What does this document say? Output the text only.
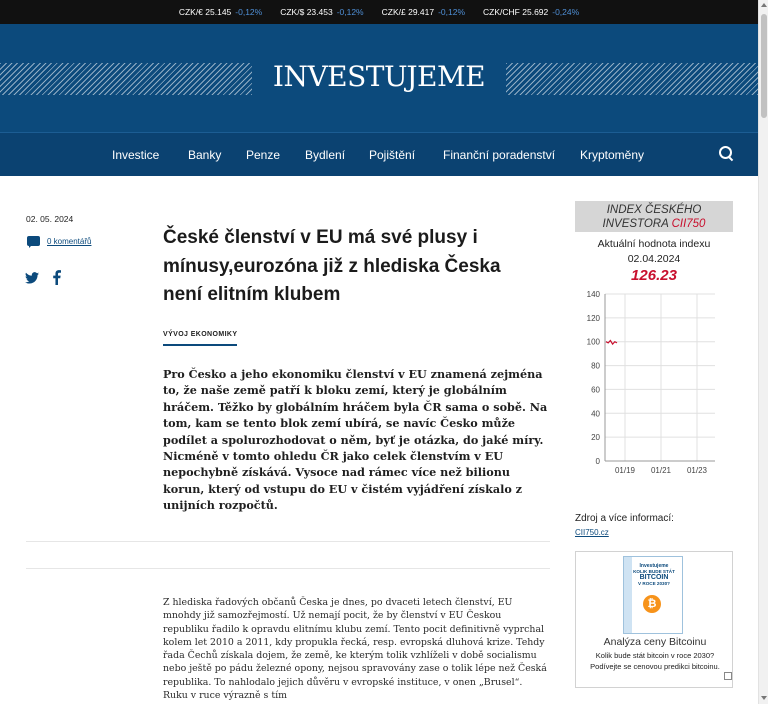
CZK/€ 25.145 -0,12% CZK/$ 23.453 -0,12% CZK/£ 29.417 -0,12% CZK/CHF 25.692 -0,24%
INVESTUJEME
Investice Banky Penze Bydlení Pojištění Finanční poradenství Kryptoměny
02. 05. 2024
0 komentářů	České členství v EU má své plusy i mínusy,eurozóna již z hlediska Česka není elitním klubem
VÝVOJ EKONOMIKY

Pro Česko a jeho ekonomiku členství v EU znamená zejména to, že naše země patří k bloku zemí, který je globálním hráčem. Těžko by globálním hráčem byla ČR sama o sobě. Na tom, kam se tento blok zemí ubírá, se navíc Česko může podílet a spolurozhodovat o něm, byť je otázka, do jaké míry. Nicméně v tomto ohledu ČR jako celek členstvím v EU nepochybně získává. Vysoce nad rámec více než bilionu korun, který od vstupu do EU v čistém vyjádření získalo z unijních rozpočtů.

Z hlediska řadových občanů Česka je dnes, po dvaceti letech členství, EU mnohdy již samozřejmostí. Už nemají pocit, že by členství v EU Českou republiku řadilo k opravdu elitnímu klubu zemí. Tento pocit definitivně vyprchal kolem let 2010 a 2011, kdy propukla řecká, resp. evropská dluhová krize. Tehdy řada Čechů získala dojem, že země, ke kterým tolik vzhlíželi v době socialismu nebo ještě po pádu železné opony, nejsou spravovány zase o tolik lépe než Česká republika. To nahlodalo jejich důvěru v evropské instituce, v onen „Brusel“. Ruku v ruce výrazně s tím

INDEX ČESKÉHO
INVESTORA CII750
Aktuální hodnota indexu
02.04.2024
126.23
0
20
40
60
80
100
120
140
01/19 01/21 01/23
Zdroj a více informací:
CII750.cz
Investujeme
KOLIK BUDE STÁT
BITCOIN
V ROCE 2030?
₿
Analýza ceny Bitcoinu
Kolik bude stát bitcoin v roce 2030?
Podívejte se cenovou predikci bitcoinu.
